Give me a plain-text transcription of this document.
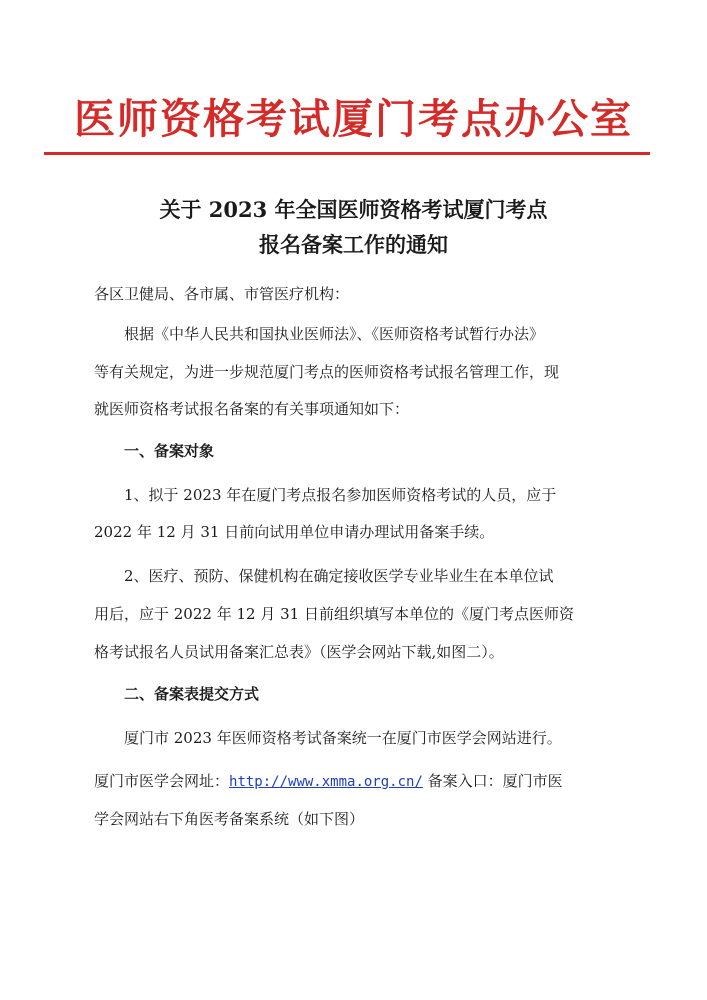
医师资格考试厦门考点办公室
关于 2023 年全国医师资格考试厦门考点
报名备案工作的通知
各区卫健局、各市属、市管医疗机构：
根据《中华人民共和国执业医师法》、《医师资格考试暂行办法》
等有关规定，为进一步规范厦门考点的医师资格考试报名管理工作，现
就医师资格考试报名备案的有关事项通知如下：
一、备案对象
1、拟于 2023 年在厦门考点报名参加医师资格考试的人员，应于
2022 年 12 月 31 日前向试用单位申请办理试用备案手续。
2、医疗、预防、保健机构在确定接收医学专业毕业生在本单位试
用后，应于 2022 年 12 月 31 日前组织填写本单位的《厦门考点医师资
格考试报名人员试用备案汇总表》（医学会网站下载,如图二）。
二、备案表提交方式
厦门市 2023 年医师资格考试备案统一在厦门市医学会网站进行。
厦门市医学会网址：http://www.xmma.org.cn/ 备案入口：厦门市医
学会网站右下角医考备案系统（如下图）
